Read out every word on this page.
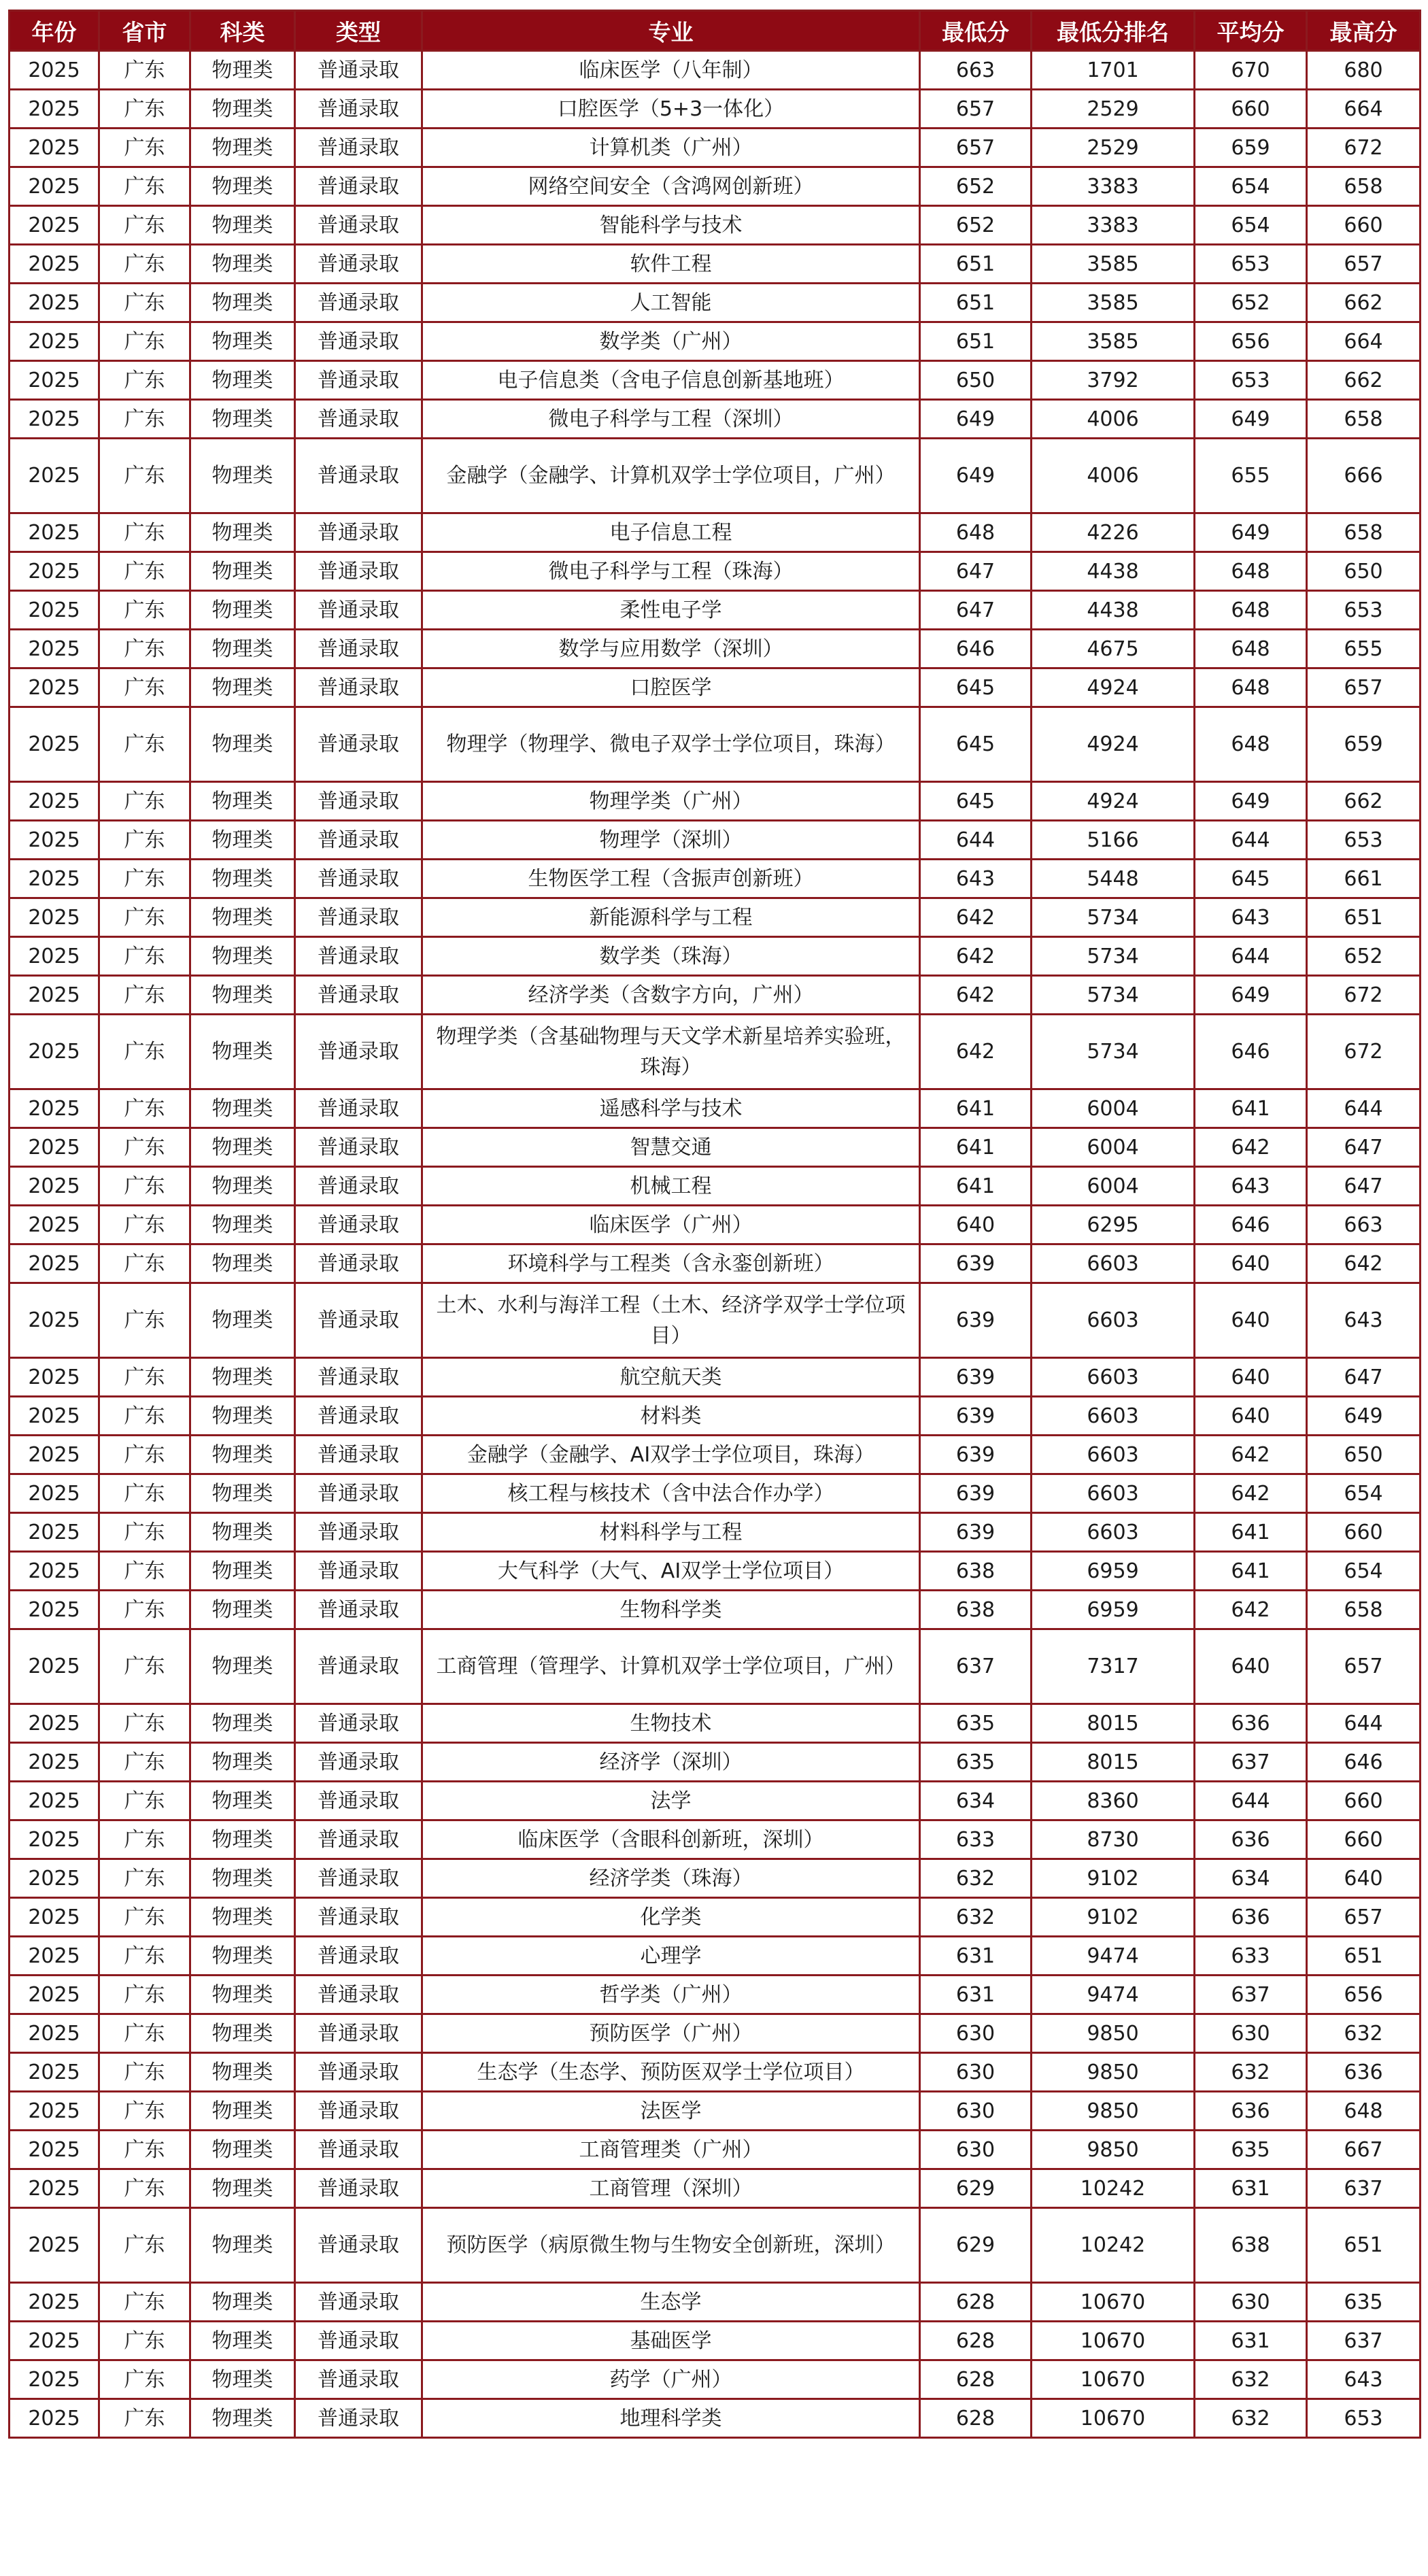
年份	省市	科类	类型	专业	最低分	最低分排名	平均分	最高分
2025	广东	物理类	普通录取	临床医学（八年制）	663	1701	670	680
2025	广东	物理类	普通录取	口腔医学（5+3一体化）	657	2529	660	664
2025	广东	物理类	普通录取	计算机类（广州）	657	2529	659	672
2025	广东	物理类	普通录取	网络空间安全（含鸿网创新班）	652	3383	654	658
2025	广东	物理类	普通录取	智能科学与技术	652	3383	654	660
2025	广东	物理类	普通录取	软件工程	651	3585	653	657
2025	广东	物理类	普通录取	人工智能	651	3585	652	662
2025	广东	物理类	普通录取	数学类（广州）	651	3585	656	664
2025	广东	物理类	普通录取	电子信息类（含电子信息创新基地班）	650	3792	653	662
2025	广东	物理类	普通录取	微电子科学与工程（深圳）	649	4006	649	658
2025	广东	物理类	普通录取	金融学（金融学、计算机双学士学位项目，广州）	649	4006	655	666
2025	广东	物理类	普通录取	电子信息工程	648	4226	649	658
2025	广东	物理类	普通录取	微电子科学与工程（珠海）	647	4438	648	650
2025	广东	物理类	普通录取	柔性电子学	647	4438	648	653
2025	广东	物理类	普通录取	数学与应用数学（深圳）	646	4675	648	655
2025	广东	物理类	普通录取	口腔医学	645	4924	648	657
2025	广东	物理类	普通录取	物理学（物理学、微电子双学士学位项目，珠海）	645	4924	648	659
2025	广东	物理类	普通录取	物理学类（广州）	645	4924	649	662
2025	广东	物理类	普通录取	物理学（深圳）	644	5166	644	653
2025	广东	物理类	普通录取	生物医学工程（含振声创新班）	643	5448	645	661
2025	广东	物理类	普通录取	新能源科学与工程	642	5734	643	651
2025	广东	物理类	普通录取	数学类（珠海）	642	5734	644	652
2025	广东	物理类	普通录取	经济学类（含数字方向，广州）	642	5734	649	672
2025	广东	物理类	普通录取	物理学类（含基础物理与天文学术新星培养实验班，珠海）	642	5734	646	672
2025	广东	物理类	普通录取	遥感科学与技术	641	6004	641	644
2025	广东	物理类	普通录取	智慧交通	641	6004	642	647
2025	广东	物理类	普通录取	机械工程	641	6004	643	647
2025	广东	物理类	普通录取	临床医学（广州）	640	6295	646	663
2025	广东	物理类	普通录取	环境科学与工程类（含永銮创新班）	639	6603	640	642
2025	广东	物理类	普通录取	土木、水利与海洋工程（土木、经济学双学士学位项目）	639	6603	640	643
2025	广东	物理类	普通录取	航空航天类	639	6603	640	647
2025	广东	物理类	普通录取	材料类	639	6603	640	649
2025	广东	物理类	普通录取	金融学（金融学、AI双学士学位项目，珠海）	639	6603	642	650
2025	广东	物理类	普通录取	核工程与核技术（含中法合作办学）	639	6603	642	654
2025	广东	物理类	普通录取	材料科学与工程	639	6603	641	660
2025	广东	物理类	普通录取	大气科学（大气、AI双学士学位项目）	638	6959	641	654
2025	广东	物理类	普通录取	生物科学类	638	6959	642	658
2025	广东	物理类	普通录取	工商管理（管理学、计算机双学士学位项目，广州）	637	7317	640	657
2025	广东	物理类	普通录取	生物技术	635	8015	636	644
2025	广东	物理类	普通录取	经济学（深圳）	635	8015	637	646
2025	广东	物理类	普通录取	法学	634	8360	644	660
2025	广东	物理类	普通录取	临床医学（含眼科创新班，深圳）	633	8730	636	660
2025	广东	物理类	普通录取	经济学类（珠海）	632	9102	634	640
2025	广东	物理类	普通录取	化学类	632	9102	636	657
2025	广东	物理类	普通录取	心理学	631	9474	633	651
2025	广东	物理类	普通录取	哲学类（广州）	631	9474	637	656
2025	广东	物理类	普通录取	预防医学（广州）	630	9850	630	632
2025	广东	物理类	普通录取	生态学（生态学、预防医双学士学位项目）	630	9850	632	636
2025	广东	物理类	普通录取	法医学	630	9850	636	648
2025	广东	物理类	普通录取	工商管理类（广州）	630	9850	635	667
2025	广东	物理类	普通录取	工商管理（深圳）	629	10242	631	637
2025	广东	物理类	普通录取	预防医学（病原微生物与生物安全创新班，深圳）	629	10242	638	651
2025	广东	物理类	普通录取	生态学	628	10670	630	635
2025	广东	物理类	普通录取	基础医学	628	10670	631	637
2025	广东	物理类	普通录取	药学（广州）	628	10670	632	643
2025	广东	物理类	普通录取	地理科学类	628	10670	632	653
